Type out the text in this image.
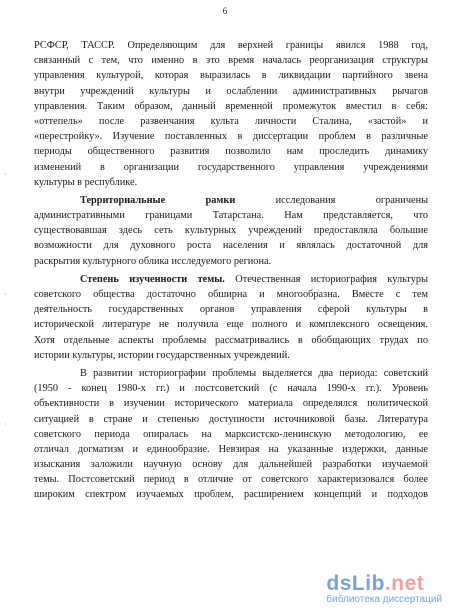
6
·
·
·
РСФСР, ТАССР. Определяющим для верхней границы явился 1988 год,
связанный с тем, что именно в это время началась реорганизация структуры
управления культурой, которая выразилась в ликвидации партийного звена
внутри учреждений культуры и ослаблении административных рычагов
управления. Таким образом, данный временной промежуток вместил в себя:
«оттепель» после развенчания культа личности Сталина, «застой» и
«перестройку». Изучение поставленных в диссертации проблем в различные
периоды общественного развития позволило нам проследить динамику
изменений в организации государственного управления учреждениями
культуры в республике.
Территориальные рамки исследования ограничены
административными границами Татарстана. Нам представляется, что
существовавшая здесь сеть культурных учреждений предоставляла большие
возможности для духовного роста населения и являлась достаточной для
раскрытия культурного облика исследуемого региона.
Степень изученности темы. Отечественная историография культуры
советского общества достаточно обширна и многообразна. Вместе с тем
деятельность государственных органов управления сферой культуры в
исторической литературе не получила еще полного и комплексного освещения.
Хотя отдельные аспекты проблемы рассматривались в обобщающих трудах по
истории культуры, истории государственных учреждений.
В развитии историографии проблемы выделяется два периода: советский
(1950 - конец 1980-х гг.) и постсоветский (с начала 1990-х гг.). Уровень
объективности в изучении исторического материала определялся политической
ситуацией в стране и степенью доступности источниковой базы. Литература
советского периода опиралась на марксистско-ленинскую методологию, ее
отличал догматизм и единообразие. Невзирая на указанные издержки, данные
изыскания заложили научную основу для дальнейшей разработки изучаемой
темы. Постсоветский период в отличие от советского характеризовался более
широким спектром изучаемых проблем, расширением концепций и подходов
dsLib.net
библиотека диссертаций
